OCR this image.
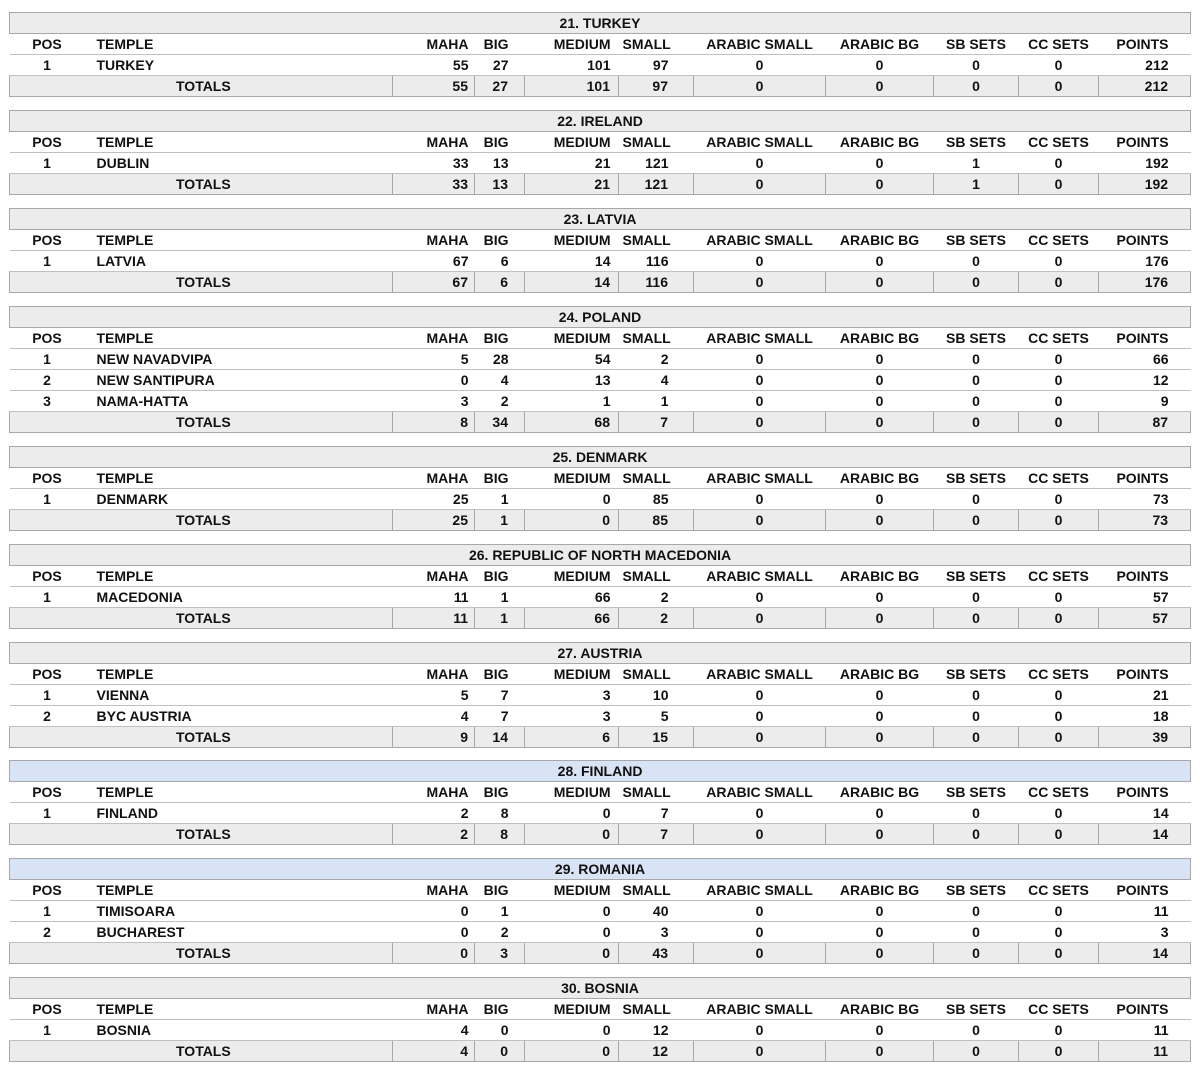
21. TURKEY										
POS	TEMPLE	MAHA	BIG	MEDIUM	SMALL	ARABIC SMALL	ARABIC BG	SB SETS	CC SETS	POINTS
1	TURKEY	55	27	101	97	0	0	0	0	212
TOTALS		55	27	101	97	0	0	0	0	212
22. IRELAND										
POS	TEMPLE	MAHA	BIG	MEDIUM	SMALL	ARABIC SMALL	ARABIC BG	SB SETS	CC SETS	POINTS
1	DUBLIN	33	13	21	121	0	0	1	0	192
TOTALS		33	13	21	121	0	0	1	0	192
23. LATVIA										
POS	TEMPLE	MAHA	BIG	MEDIUM	SMALL	ARABIC SMALL	ARABIC BG	SB SETS	CC SETS	POINTS
1	LATVIA	67	6	14	116	0	0	0	0	176
TOTALS		67	6	14	116	0	0	0	0	176
24. POLAND										
POS	TEMPLE	MAHA	BIG	MEDIUM	SMALL	ARABIC SMALL	ARABIC BG	SB SETS	CC SETS	POINTS
1	NEW NAVADVIPA	5	28	54	2	0	0	0	0	66
2	NEW SANTIPURA	0	4	13	4	0	0	0	0	12
3	NAMA-HATTA	3	2	1	1	0	0	0	0	9
TOTALS		8	34	68	7	0	0	0	0	87
25. DENMARK										
POS	TEMPLE	MAHA	BIG	MEDIUM	SMALL	ARABIC SMALL	ARABIC BG	SB SETS	CC SETS	POINTS
1	DENMARK	25	1	0	85	0	0	0	0	73
TOTALS		25	1	0	85	0	0	0	0	73
26. REPUBLIC OF NORTH MACEDONIA										
POS	TEMPLE	MAHA	BIG	MEDIUM	SMALL	ARABIC SMALL	ARABIC BG	SB SETS	CC SETS	POINTS
1	MACEDONIA	11	1	66	2	0	0	0	0	57
TOTALS		11	1	66	2	0	0	0	0	57
27. AUSTRIA										
POS	TEMPLE	MAHA	BIG	MEDIUM	SMALL	ARABIC SMALL	ARABIC BG	SB SETS	CC SETS	POINTS
1	VIENNA	5	7	3	10	0	0	0	0	21
2	BYC AUSTRIA	4	7	3	5	0	0	0	0	18
TOTALS		9	14	6	15	0	0	0	0	39
28. FINLAND										
POS	TEMPLE	MAHA	BIG	MEDIUM	SMALL	ARABIC SMALL	ARABIC BG	SB SETS	CC SETS	POINTS
1	FINLAND	2	8	0	7	0	0	0	0	14
TOTALS		2	8	0	7	0	0	0	0	14
29. ROMANIA										
POS	TEMPLE	MAHA	BIG	MEDIUM	SMALL	ARABIC SMALL	ARABIC BG	SB SETS	CC SETS	POINTS
1	TIMISOARA	0	1	0	40	0	0	0	0	11
2	BUCHAREST	0	2	0	3	0	0	0	0	3
TOTALS		0	3	0	43	0	0	0	0	14
30. BOSNIA										
POS	TEMPLE	MAHA	BIG	MEDIUM	SMALL	ARABIC SMALL	ARABIC BG	SB SETS	CC SETS	POINTS
1	BOSNIA	4	0	0	12	0	0	0	0	11
TOTALS		4	0	0	12	0	0	0	0	11
